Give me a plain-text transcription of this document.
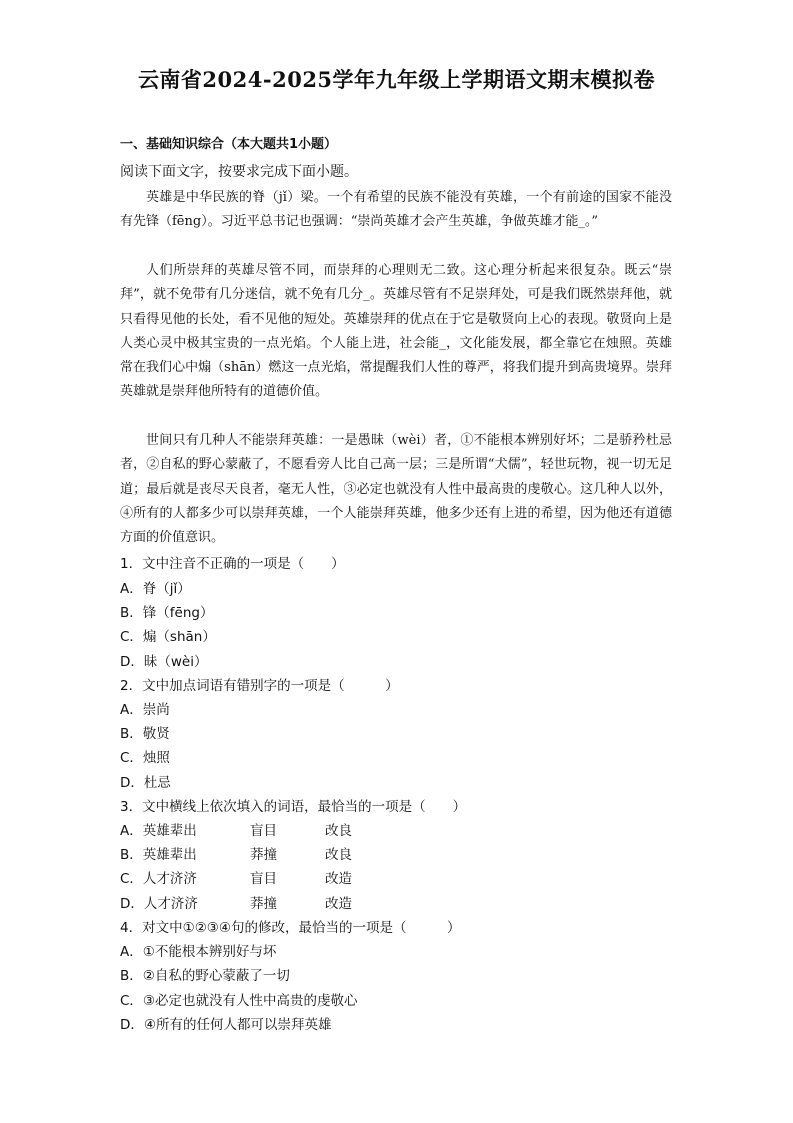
云南省2024-2025学年九年级上学期语文期末模拟卷
一、基础知识综合（本大题共1小题）
阅读下面文字，按要求完成下面小题。

英雄是中华民族的脊（jǐ）梁。一个有希望的民族不能没有英雄，一个有前途的国家不能没有先锋（fēng）。习近平总书记也强调：“崇尚英雄才会产生英雄，争做英雄才能_。”

人们所崇拜的英雄尽管不同，而崇拜的心理则无二致。这心理分析起来很复杂。既云“崇拜”，就不免带有几分迷信，就不免有几分_。英雄尽管有不足崇拜处，可是我们既然崇拜他，就只看得见他的长处，看不见他的短处。英雄崇拜的优点在于它是敬贤向上心的表现。敬贤向上是人类心灵中极其宝贵的一点光焰。个人能上进，社会能_，文化能发展，都全靠它在烛照。英雄常在我们心中煽（shān）燃这一点光焰，常提醒我们人性的尊严，将我们提升到高贵境界。崇拜英雄就是崇拜他所特有的道德价值。

世间只有几种人不能崇拜英雄：一是愚昧（wèi）者，①不能根本辨别好坏；二是骄矜杜忌者，②自私的野心蒙蔽了，不愿看旁人比自己高一层；三是所谓“犬儒”，轻世玩物，视一切无足道；最后就是丧尽天良者，毫无人性，③必定也就没有人性中最高贵的虔敬心。这几种人以外，④所有的人都多少可以崇拜英雄，一个人能崇拜英雄，他多少还有上进的希望，因为他还有道德方面的价值意识。

1．文中注音不正确的一项是（　　）
A．脊（jǐ）
B．锋（fēng）
C．煽（shān）
D．昧（wèi）
2．文中加点词语有错别字的一项是（　　　）
A．崇尚
B．敬贤
C．烛照
D．杜忌
3．文中横线上依次填入的词语，最恰当的一项是（　　）

A．英雄辈出

	盲目

	改良

B．英雄辈出

	莽撞

	改良

C．人才济济

	盲目

	改造

D．人才济济

	莽撞

	改造

4．对文中①②③④句的修改，最恰当的一项是（　　　）
A．①不能根本辨别好与坏
B．②自私的野心蒙蔽了一切
C．③必定也就没有人性中高贵的虔敬心
D．④所有的任何人都可以崇拜英雄
